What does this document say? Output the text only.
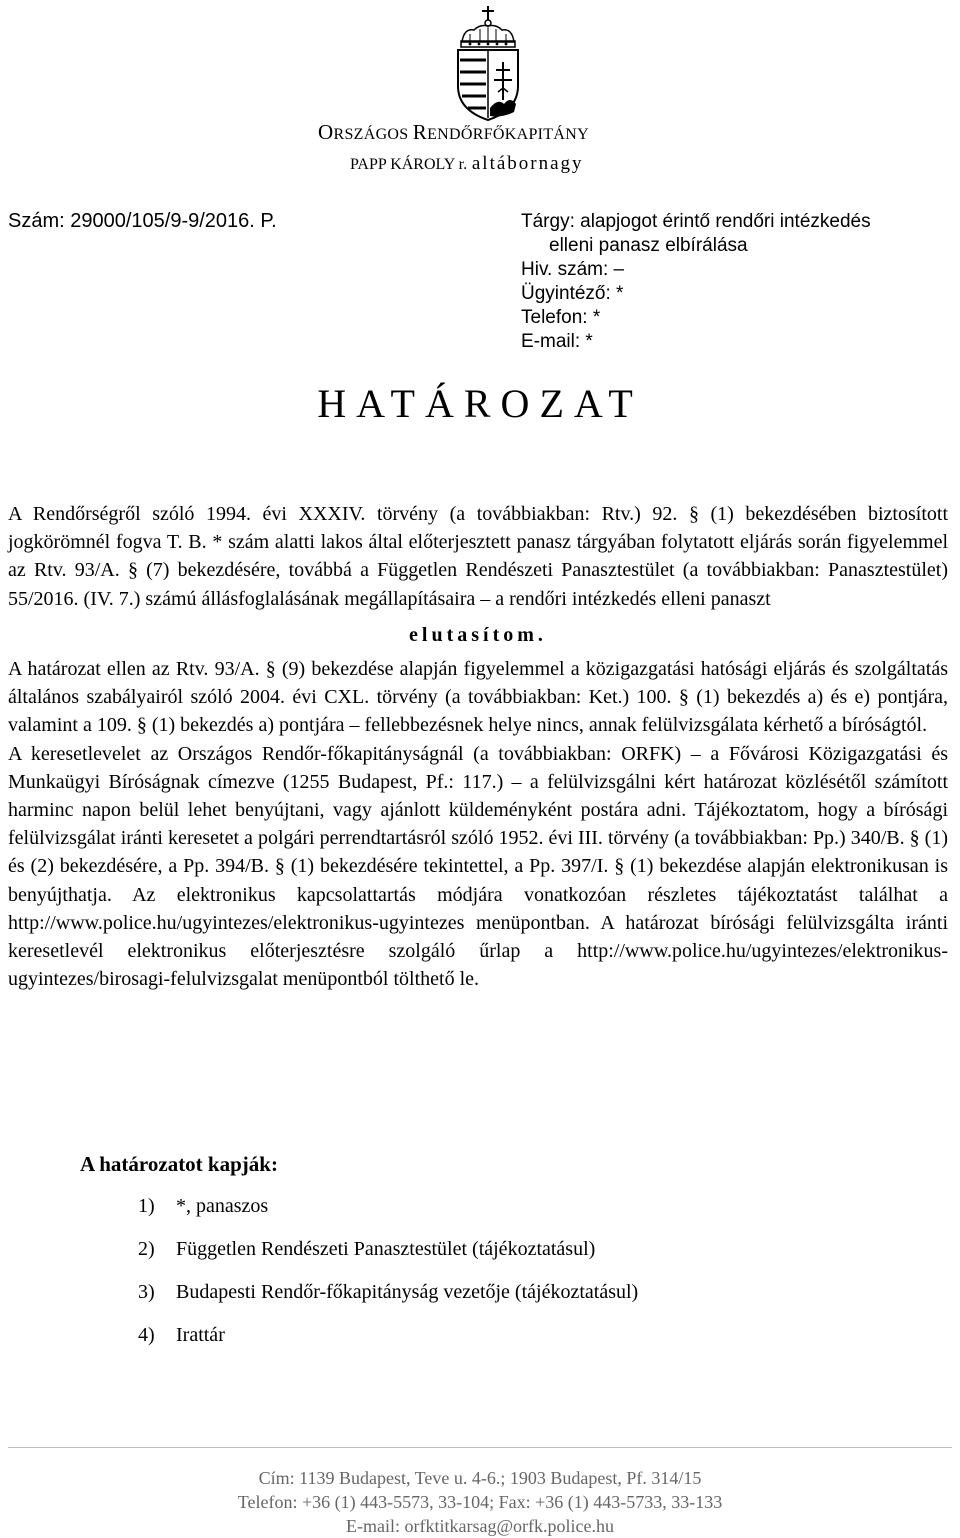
ORSZÁGOS RENDŐRFŐKAPITÁNY
PAPP KÁROLY r. altábornagy
Szám: 29000/105/9-9/2016. P.	Tárgy: alapjogot érintő rendőri intézkedés
elleni panasz elbírálása
Hiv. szám: –
Ügyintéző: *
Telefon: *
E-mail: *
HATÁROZAT

A Rendőrségről szóló 1994. évi XXXIV. törvény (a továbbiakban: Rtv.) 92. § (1) bekezdésében biztosított jogkörömnél fogva T. B. * szám alatti lakos által előterjesztett panasz tárgyában folytatott eljárás során figyelemmel az Rtv. 93/A. § (7) bekezdésére, továbbá a Független Rendészeti Panasztestület (a továbbiakban: Panasztestület) 55/2016. (IV. 7.) számú állásfoglalásának megállapításaira – a rendőri intézkedés elleni panaszt

elutasítom.

A határozat ellen az Rtv. 93/A. § (9) bekezdése alapján figyelemmel a közigazgatási hatósági eljárás és szolgáltatás általános szabályairól szóló 2004. évi CXL. törvény (a továbbiakban: Ket.) 100. § (1) bekezdés a) és e) pontjára, valamint a 109. § (1) bekezdés a) pontjára – fellebbezésnek helye nincs, annak felülvizsgálata kérhető a bíróságtól.

A keresetlevelet az Országos Rendőr-főkapitányságnál (a továbbiakban: ORFK) – a Fővárosi Közigazgatási és Munkaügyi Bíróságnak címezve (1255 Budapest, Pf.: 117.) – a felülvizsgálni kért határozat közlésétől számított harminc napon belül lehet benyújtani, vagy ajánlott küldeményként postára adni. Tájékoztatom, hogy a bírósági felülvizsgálat iránti keresetet a polgári perrendtartásról szóló 1952. évi III. törvény (a továbbiakban: Pp.) 340/B. § (1) és (2) bekezdésére, a Pp. 394/B. § (1) bekezdésére tekintettel, a Pp. 397/I. § (1) bekezdése alapján elektronikusan is benyújthatja. Az elektronikus kapcsolattartás módjára vonatkozóan részletes tájékoztatást találhat a http://www.police.hu/ugyintezes/elektronikus-ugyintezes menüpontban. A határozat bírósági felülvizsgálta iránti keresetlevél elektronikus előterjesztésre szolgáló űrlap a http://www.police.hu/ugyintezes/elektronikus-ugyintezes/birosagi-felulvizsgalat menüpontból tölthető le.

A határozatot kapják:
1) *, panaszos
2) Független Rendészeti Panasztestület (tájékoztatásul)
3) Budapesti Rendőr-főkapitányság vezetője (tájékoztatásul)
4) Irattár
Cím: 1139 Budapest, Teve u. 4-6.; 1903 Budapest, Pf. 314/15
Telefon: +36 (1) 443-5573, 33-104; Fax: +36 (1) 443-5733, 33-133
E-mail: orfktitkarsag@orfk.police.hu
